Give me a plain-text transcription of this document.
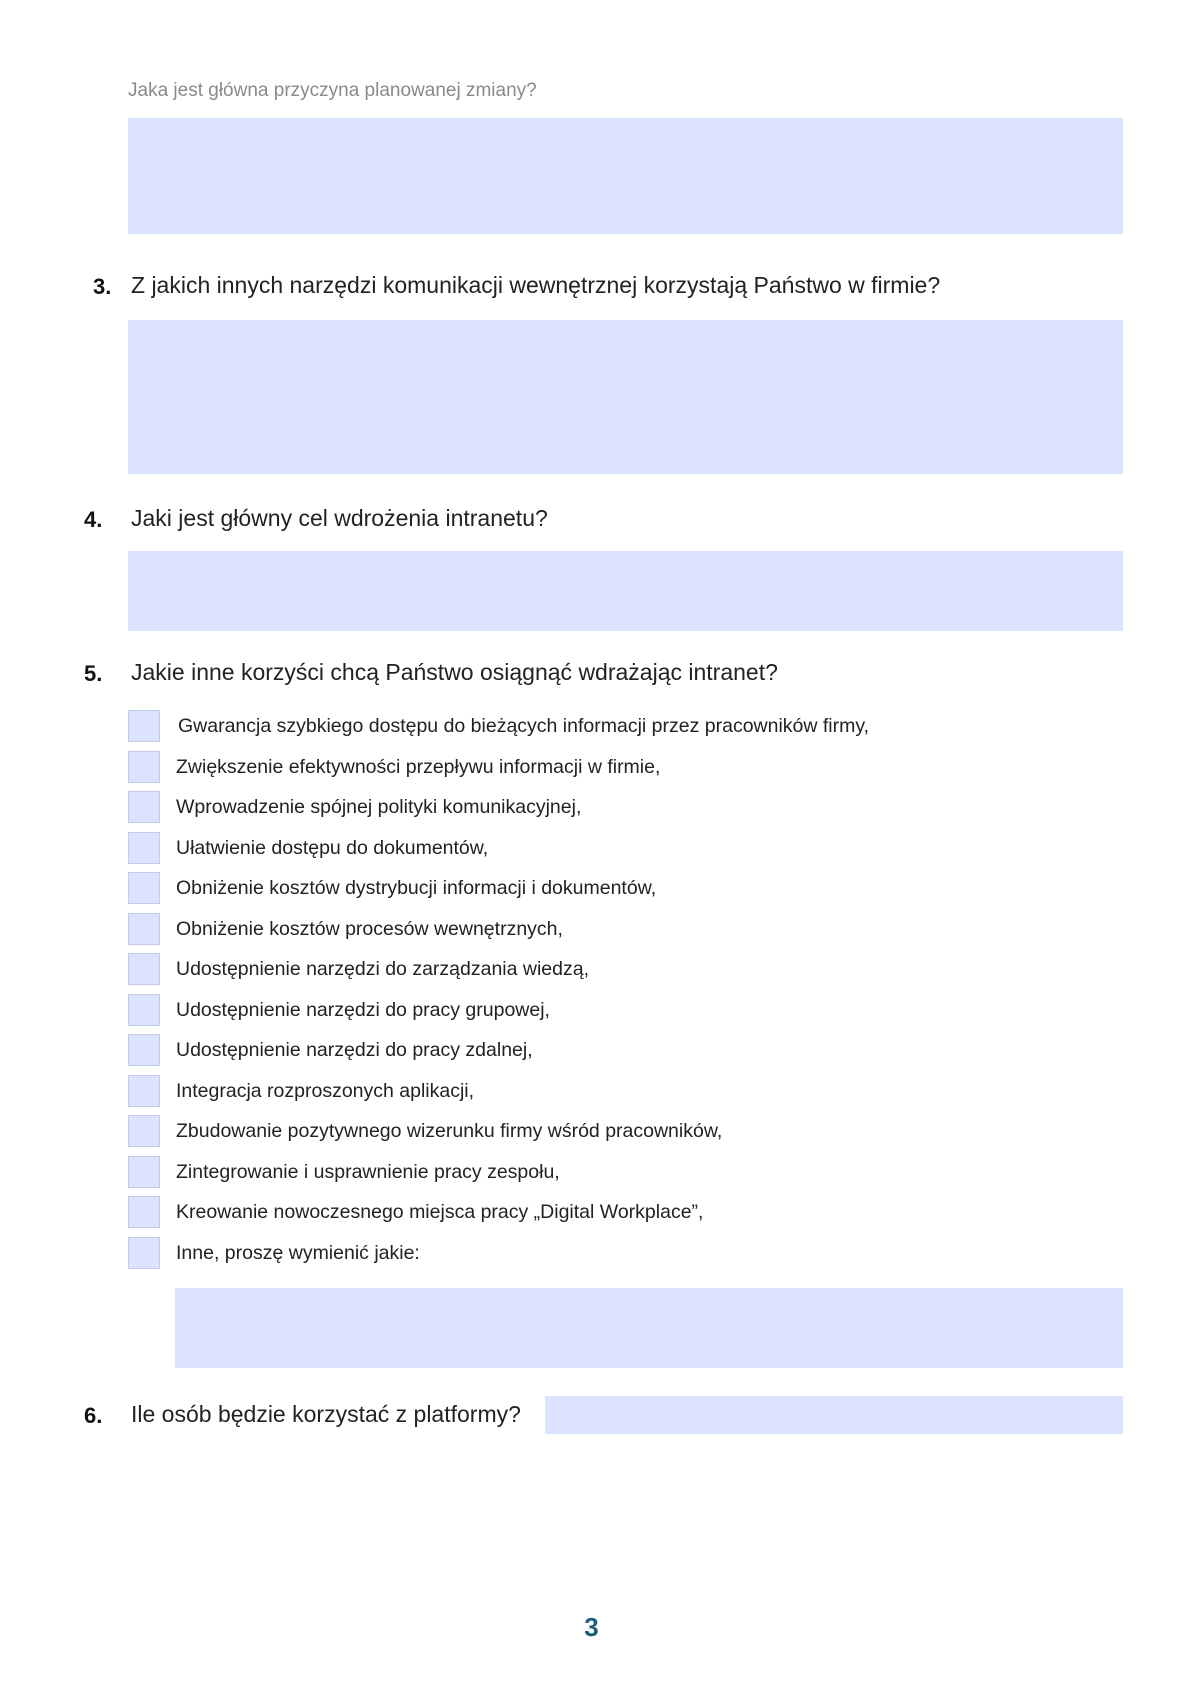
Jaka jest główna przyczyna planowanej zmiany?
3. Z jakich innych narzędzi komunikacji wewnętrznej korzystają Państwo w firmie?
4. Jaki jest główny cel wdrożenia intranetu?
5. Jakie inne korzyści chcą Państwo osiągnąć wdrażając intranet?
Gwarancja szybkiego dostępu do bieżących informacji przez pracowników firmy,
Zwiększenie efektywności przepływu informacji w firmie,
Wprowadzenie spójnej polityki komunikacyjnej,
Ułatwienie dostępu do dokumentów,
Obniżenie kosztów dystrybucji informacji i dokumentów,
Obniżenie kosztów procesów wewnętrznych,
Udostępnienie narzędzi do zarządzania wiedzą,
Udostępnienie narzędzi do pracy grupowej,
Udostępnienie narzędzi do pracy zdalnej,
Integracja rozproszonych aplikacji,
Zbudowanie pozytywnego wizerunku firmy wśród pracowników,
Zintegrowanie i usprawnienie pracy zespołu,
Kreowanie nowoczesnego miejsca pracy „Digital Workplace”,
Inne, proszę wymienić jakie:
6. Ile osób będzie korzystać z platformy?
3
